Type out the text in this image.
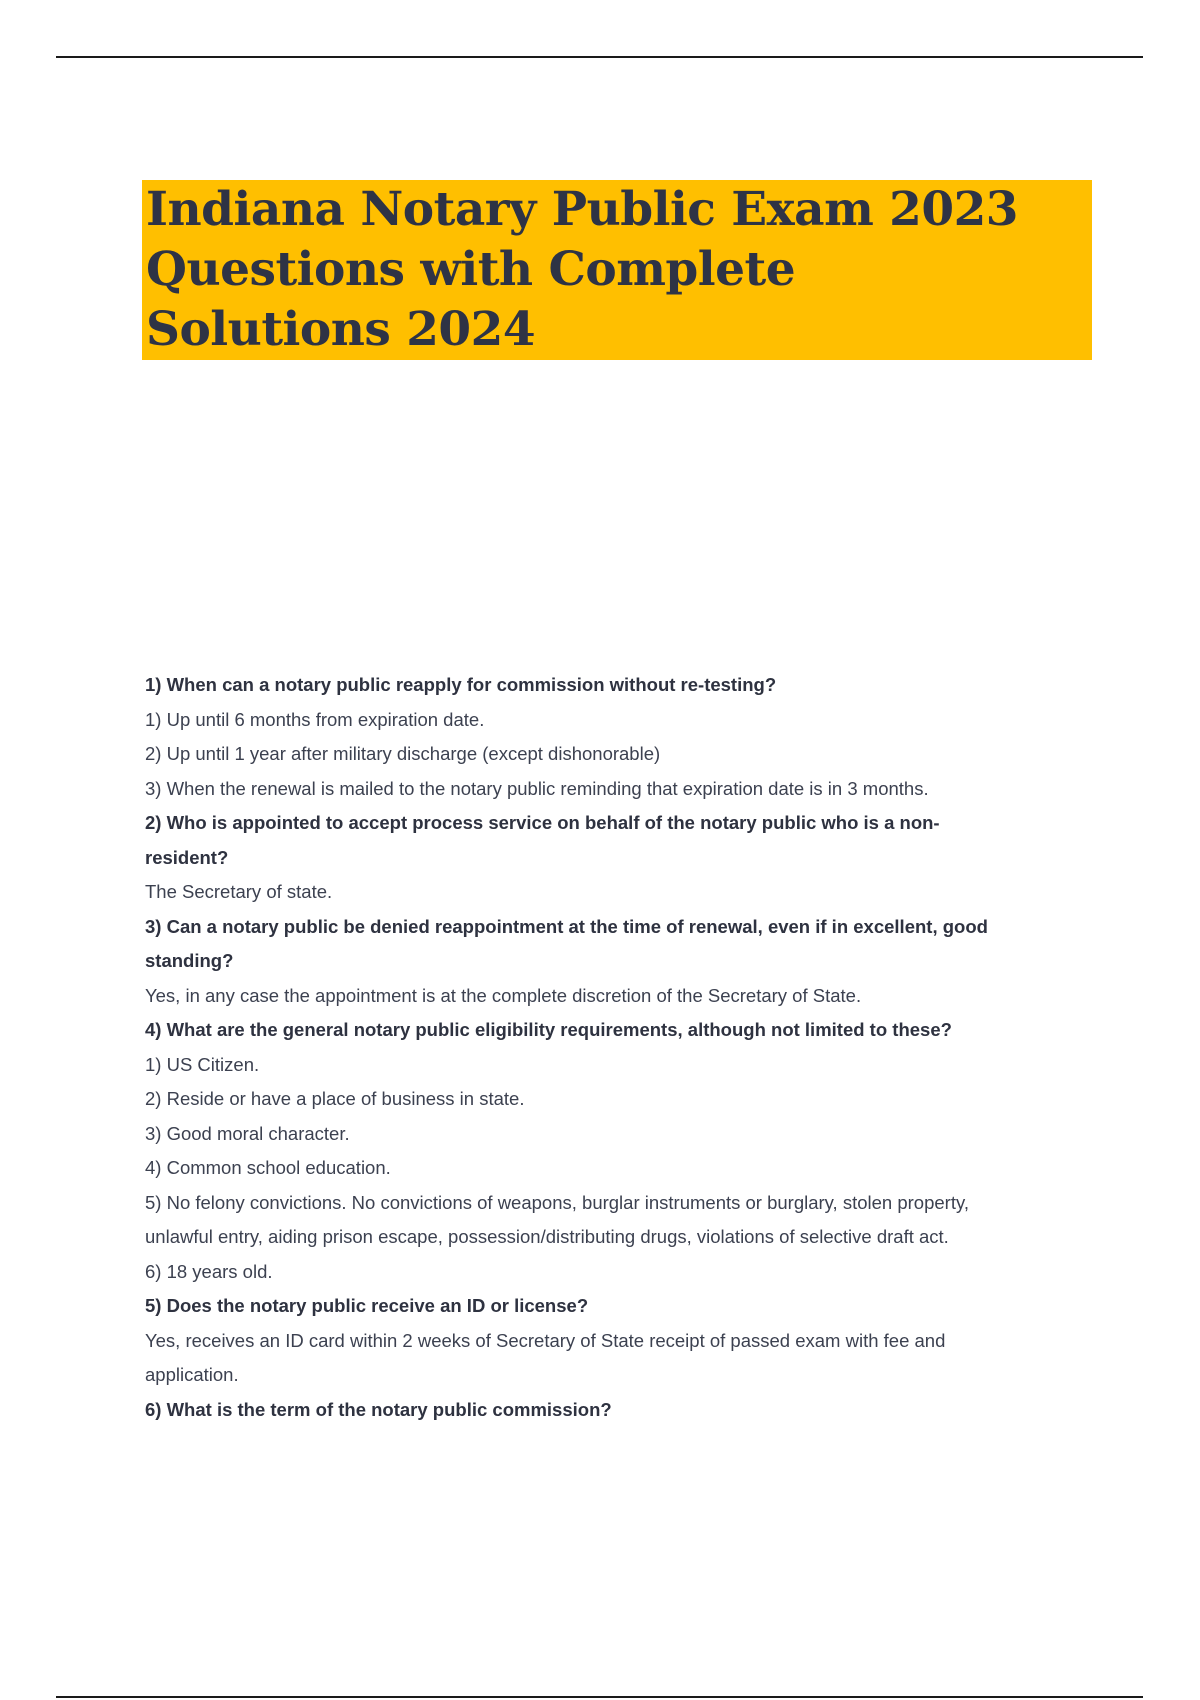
Indiana Notary Public Exam 2023
Questions with Complete
Solutions 2024
1) When can a notary public reapply for commission without re-testing?
1) Up until 6 months from expiration date.
2) Up until 1 year after military discharge (except dishonorable)
3) When the renewal is mailed to the notary public reminding that expiration date is in 3 months.
2) Who is appointed to accept process service on behalf of the notary public who is a non-
resident?
The Secretary of state.
3) Can a notary public be denied reappointment at the time of renewal, even if in excellent, good
standing?
Yes, in any case the appointment is at the complete discretion of the Secretary of State.
4) What are the general notary public eligibility requirements, although not limited to these?
1) US Citizen.
2) Reside or have a place of business in state.
3) Good moral character.
4) Common school education.
5) No felony convictions. No convictions of weapons, burglar instruments or burglary, stolen property,
unlawful entry, aiding prison escape, possession/distributing drugs, violations of selective draft act.
6) 18 years old.
5) Does the notary public receive an ID or license?
Yes, receives an ID card within 2 weeks of Secretary of State receipt of passed exam with fee and
application.
6) What is the term of the notary public commission?
